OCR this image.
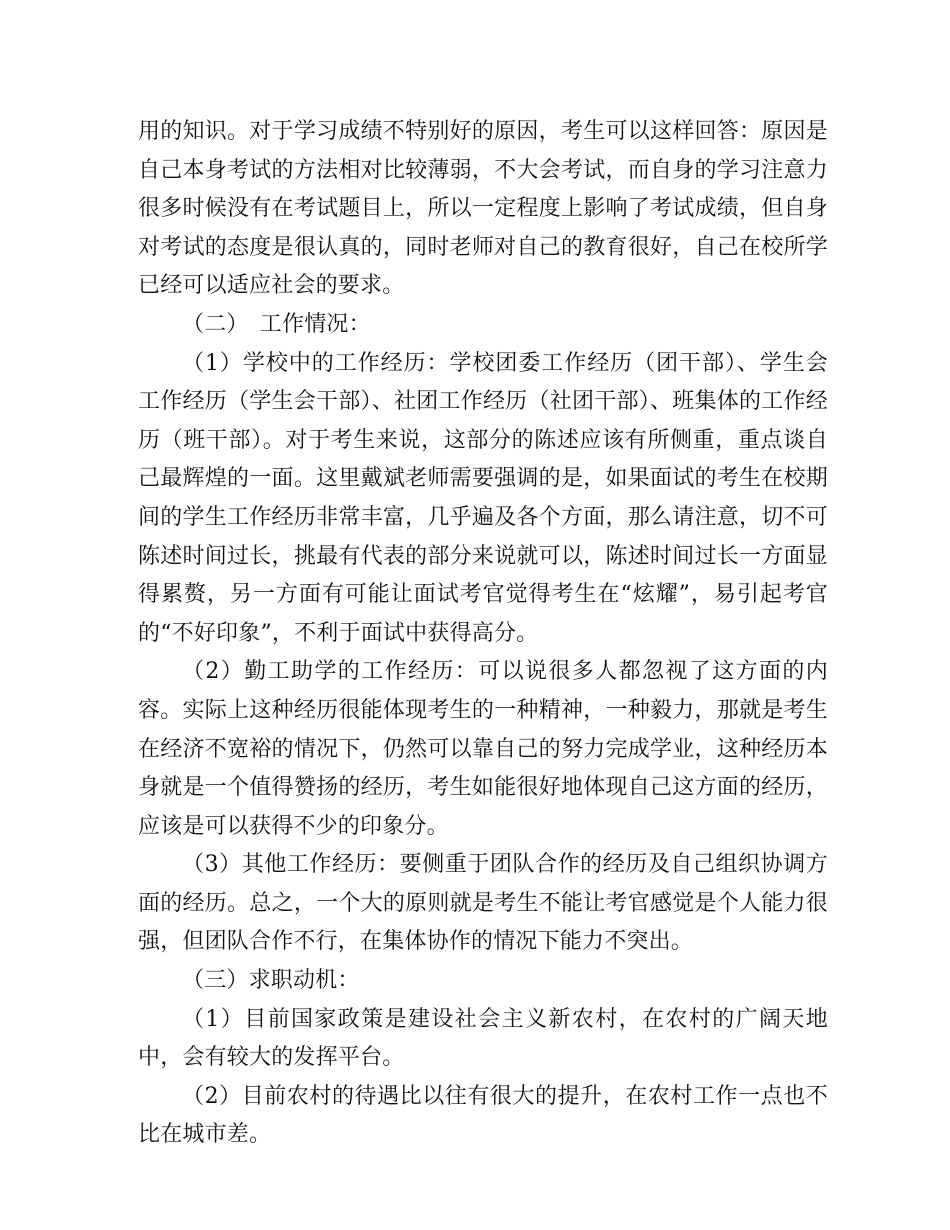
用的知识。对于学习成绩不特别好的原因，考生可以这样回答：原因是自己本身考试的方法相对比较薄弱，不大会考试，而自身的学习注意力很多时候没有在考试题目上，所以一定程度上影响了考试成绩，但自身对考试的态度是很认真的，同时老师对自己的教育很好，自己在校所学已经可以适应社会的要求。

（二）　工作情况：

（1）学校中的工作经历：学校团委工作经历（团干部）、学生会工作经历（学生会干部）、社团工作经历（社团干部）、班集体的工作经历（班干部）。对于考生来说，这部分的陈述应该有所侧重，重点谈自己最辉煌的一面。这里戴斌老师需要强调的是，如果面试的考生在校期间的学生工作经历非常丰富，几乎遍及各个方面，那么请注意，切不可陈述时间过长，挑最有代表的部分来说就可以，陈述时间过长一方面显得累赘，另一方面有可能让面试考官觉得考生在“炫耀”，易引起考官的“不好印象”，不利于面试中获得高分。

（2）勤工助学的工作经历：可以说很多人都忽视了这方面的内容。实际上这种经历很能体现考生的一种精神，一种毅力，那就是考生在经济不宽裕的情况下，仍然可以靠自己的努力完成学业，这种经历本身就是一个值得赞扬的经历，考生如能很好地体现自己这方面的经历，应该是可以获得不少的印象分。

（3）其他工作经历：要侧重于团队合作的经历及自己组织协调方面的经历。总之，一个大的原则就是考生不能让考官感觉是个人能力很强，但团队合作不行，在集体协作的情况下能力不突出。

（三）求职动机：

（1）目前国家政策是建设社会主义新农村，在农村的广阔天地中，会有较大的发挥平台。

（2）目前农村的待遇比以往有很大的提升，在农村工作一点也不比在城市差。
